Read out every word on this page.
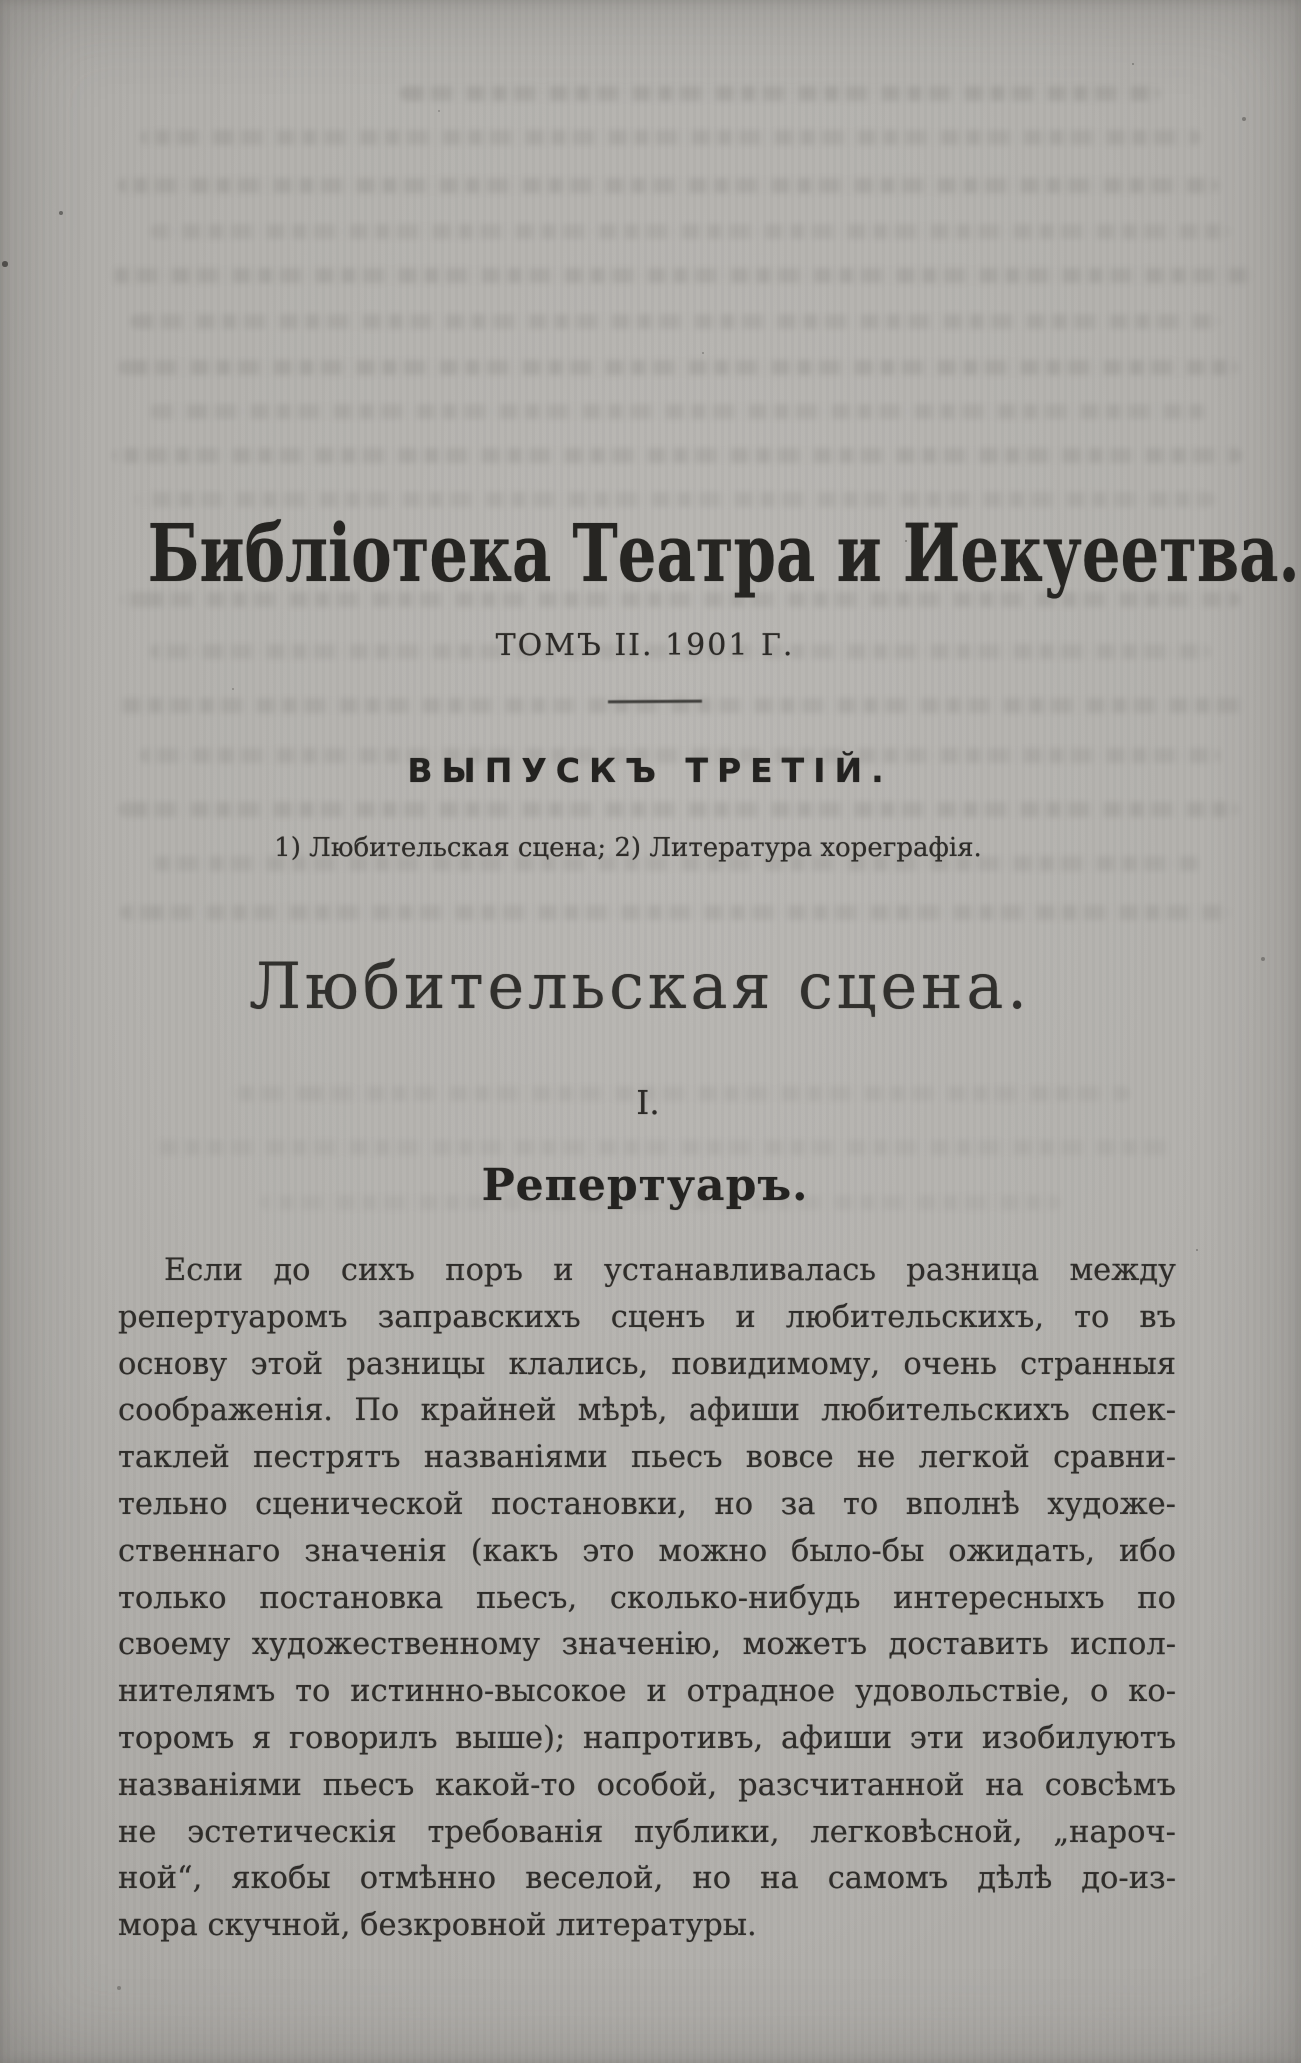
Библіотека Театра и Иекуеетва.
ТОМЪ II. 1901 Г.
ВЫПУСКЪ ТРЕТІЙ.
1) Любительская сцена; 2) Литература хореграфія.
Любительская сцена.
I.
Репертуаръ.
Если до сихъ поръ и устанавливалась разница между
репертуаромъ заправскихъ сценъ и любительскихъ, то въ
основу этой разницы клались, повидимому, очень странныя
соображенія. По крайней мѣрѣ, афиши любительскихъ спек-
таклей пестрятъ названіями пьесъ вовсе не легкой сравни-
тельно сценической постановки, но за то вполнѣ художе-
ственнаго значенія (какъ это можно было-бы ожидать, ибо
только постановка пьесъ, сколько-нибудь интересныхъ по
своему художественному значенію, можетъ доставить испол-
нителямъ то истинно-высокое и отрадное удовольствіе, о ко-
торомъ я говорилъ выше); напротивъ, афиши эти изобилуютъ
названіями пьесъ какой-то особой, разсчитанной на совсѣмъ
не эстетическія требованія публики, легковѣсной, „нароч-
ной“, якобы отмѣнно веселой, но на самомъ дѣлѣ до-из-
мора скучной, безкровной литературы.
